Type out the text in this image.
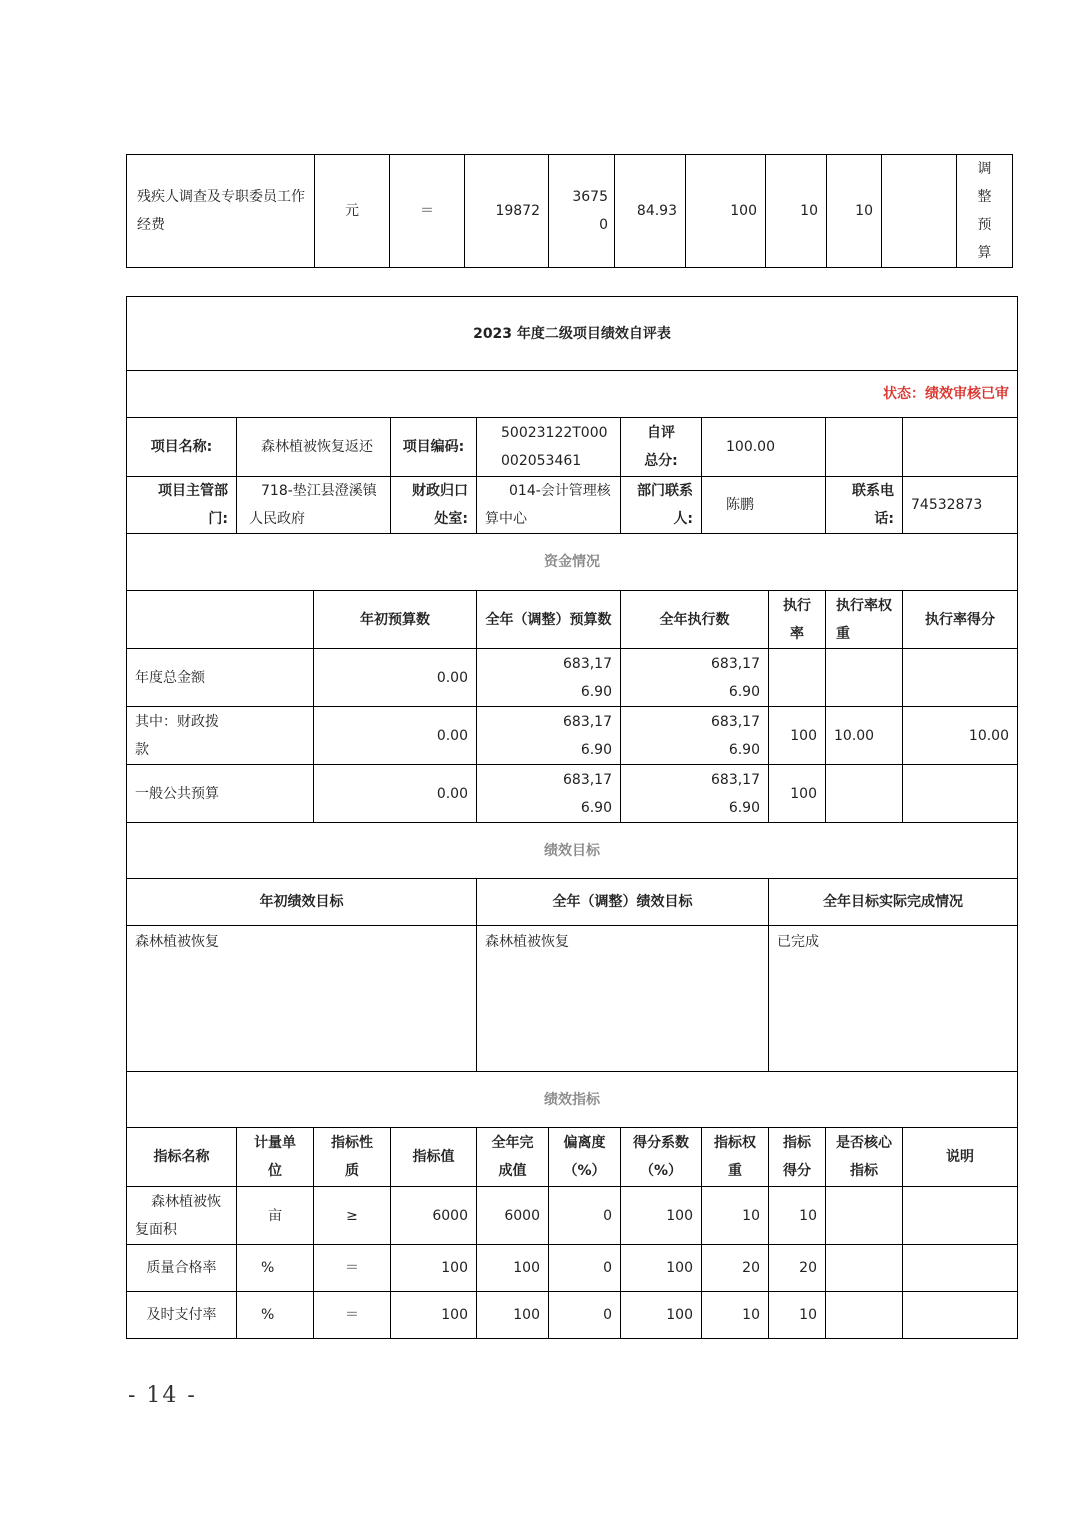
残疾人调查及专职委员工作 经费	元	＝	19872	36750	84.93	100	10	10		调整预算
2023 年度二级项目绩效自评表										
状态：绩效审核已审										
项目名称:	森林植被恢复返还		项目编码:	50023122T000002053461		自评总分:	100.00			
项目主管部门:	718-垫江县澄溪镇人民政府		财政归口处室:	014-会计管理核算中心		部门联系人:	陈鹏		联系电话:	74532873
资金情况										
		年初预算数		全年（调整）预算数		全年执行数		执行率	执行率权重	执行率得分
年度总金额		0.00		683,176.90		683,176.90				
其中：财政拨款		0.00		683,176.90		683,176.90		100	10.00	10.00
一般公共预算		0.00		683,176.90		683,176.90		100		
绩效目标										
年初绩效目标				全年（调整）绩效目标				全年目标实际完成情况		
森林植被恢复				森林植被恢复				已完成		
绩效指标										
指标名称	计量单位	指标性质	指标值	全年完成值	偏离度（%）	得分系数（%）	指标权重	指标得分	是否核心指标	说明
森林植被恢复面积	亩	≥	6000	6000	0	100	10	10		
质量合格率	%	＝	100	100	0	100	20	20		
及时支付率	%	＝	100	100	0	100	10	10		
- 14 -
